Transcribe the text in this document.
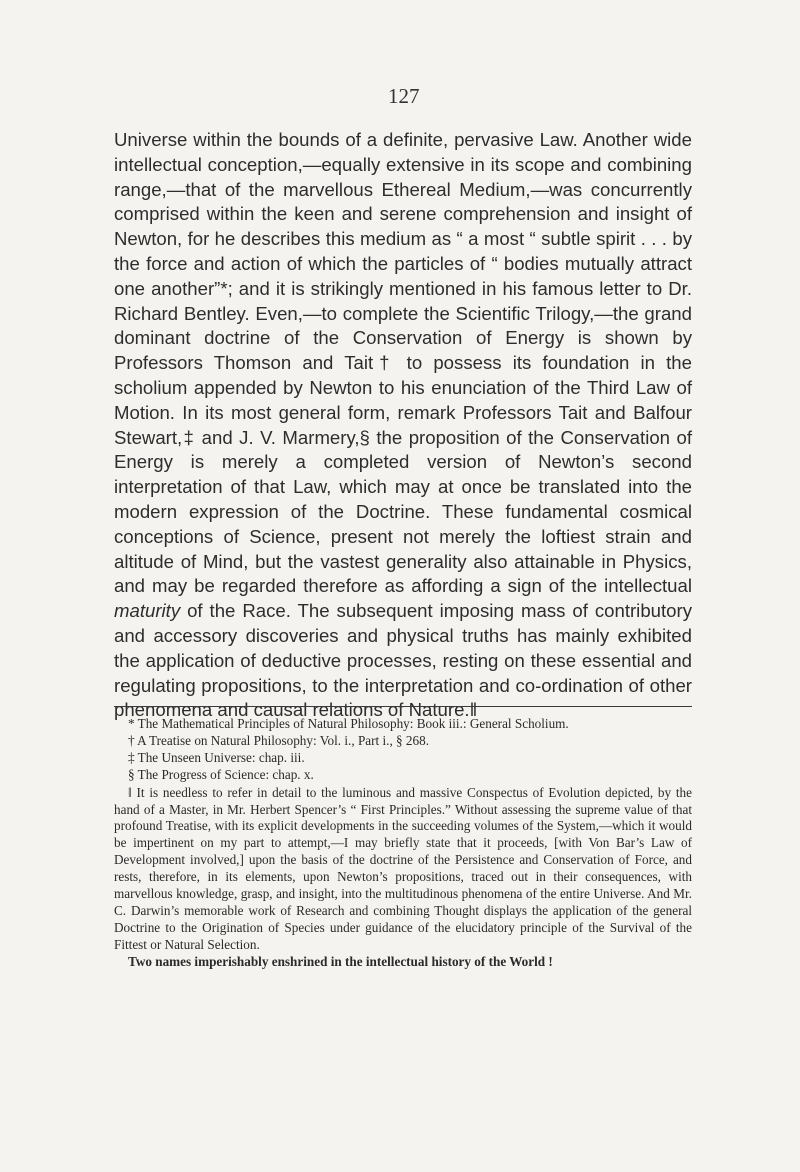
127

Universe within the bounds of a definite, pervasive Law. Another wide intellectual conception,—equally extensive in its scope and combining range,—that of the marvellous Ethereal Medium,—was concurrently comprised within the keen and serene comprehension and insight of Newton, for he describes this medium as “ a most “ subtle spirit . . . by the force and action of which the particles of “ bodies mutually attract one another”*; and it is strikingly mentioned in his famous letter to Dr. Richard Bentley. Even,—to complete the Scientific Trilogy,—the grand dominant doctrine of the Conservation of Energy is shown by Professors Thomson and Tait† to possess its foundation in the scholium appended by Newton to his enunciation of the Third Law of Motion. In its most general form, remark Professors Tait and Balfour Stewart,‡ and J. V. Marmery,§ the proposition of the Conservation of Energy is merely a completed version of Newton’s second interpretation of that Law, which may at once be translated into the modern expression of the Doctrine. These fundamental cosmical conceptions of Science, present not merely the loftiest strain and altitude of Mind, but the vastest generality also attainable in Physics, and may be regarded therefore as affording a sign of the intellectual maturity of the Race. The subsequent imposing mass of contributory and accessory discoveries and physical truths has mainly exhibited the application of deductive processes, resting on these essential and regulating propositions, to the interpretation and co-ordination of other phenomena and causal relations of Nature.‖

* The Mathematical Principles of Natural Philosophy: Book iii.: General Scholium.

† A Treatise on Natural Philosophy: Vol. i., Part i., § 268.

‡ The Unseen Universe: chap. iii.

§ The Progress of Science: chap. x.

‖ It is needless to refer in detail to the luminous and massive Conspectus of Evolution depicted, by the hand of a Master, in Mr. Herbert Spencer’s “ First Principles.” Without assessing the supreme value of that profound Treatise, with its explicit developments in the succeeding volumes of the System,—which it would be impertinent on my part to attempt,—I may briefly state that it proceeds, [with Von Bar’s Law of Development involved,] upon the basis of the doctrine of the Persistence and Conservation of Force, and rests, therefore, in its elements, upon Newton’s propositions, traced out in their consequences, with marvellous knowledge, grasp, and insight, into the multitudinous phenomena of the entire Universe. And Mr. C. Darwin’s memorable work of Research and combining Thought displays the application of the general Doctrine to the Origination of Species under guidance of the elucidatory principle of the Survival of the Fittest or Natural Selection.

Two names imperishably enshrined in the intellectual history of the World !
